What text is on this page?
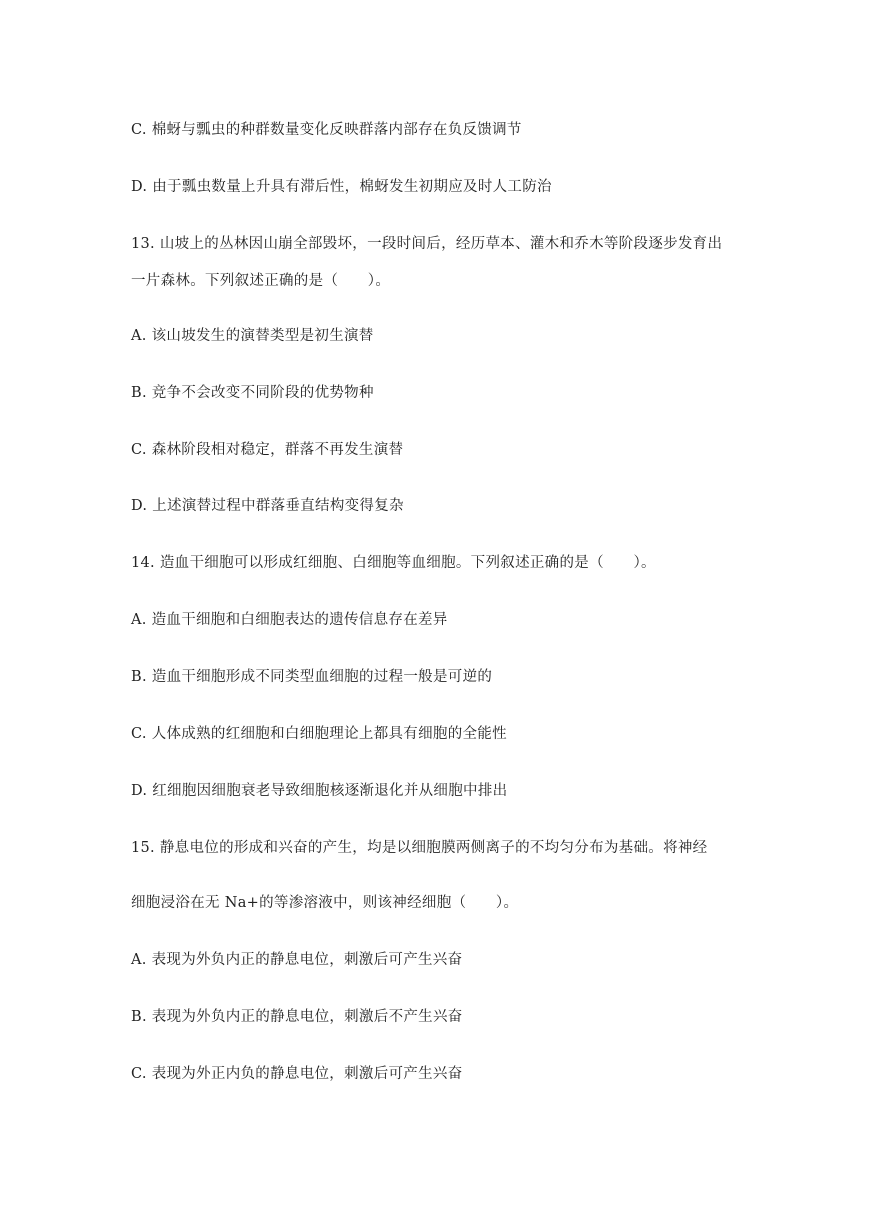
C. 棉蚜与瓢虫的种群数量变化反映群落内部存在负反馈调节
D. 由于瓢虫数量上升具有滞后性，棉蚜发生初期应及时人工防治
13. 山坡上的丛林因山崩全部毁坏，一段时间后，经历草本、灌木和乔木等阶段逐步发育出
一片森林。下列叙述正确的是（　　）。
A. 该山坡发生的演替类型是初生演替
B. 竞争不会改变不同阶段的优势物种
C. 森林阶段相对稳定，群落不再发生演替
D. 上述演替过程中群落垂直结构变得复杂
14. 造血干细胞可以形成红细胞、白细胞等血细胞。下列叙述正确的是（　　）。
A. 造血干细胞和白细胞表达的遗传信息存在差异
B. 造血干细胞形成不同类型血细胞的过程一般是可逆的
C. 人体成熟的红细胞和白细胞理论上都具有细胞的全能性
D. 红细胞因细胞衰老导致细胞核逐渐退化并从细胞中排出
15. 静息电位的形成和兴奋的产生，均是以细胞膜两侧离子的不均匀分布为基础。将神经
细胞浸浴在无 Na+的等渗溶液中，则该神经细胞（　　）。
A. 表现为外负内正的静息电位，刺激后可产生兴奋
B. 表现为外负内正的静息电位，刺激后不产生兴奋
C. 表现为外正内负的静息电位，刺激后可产生兴奋
